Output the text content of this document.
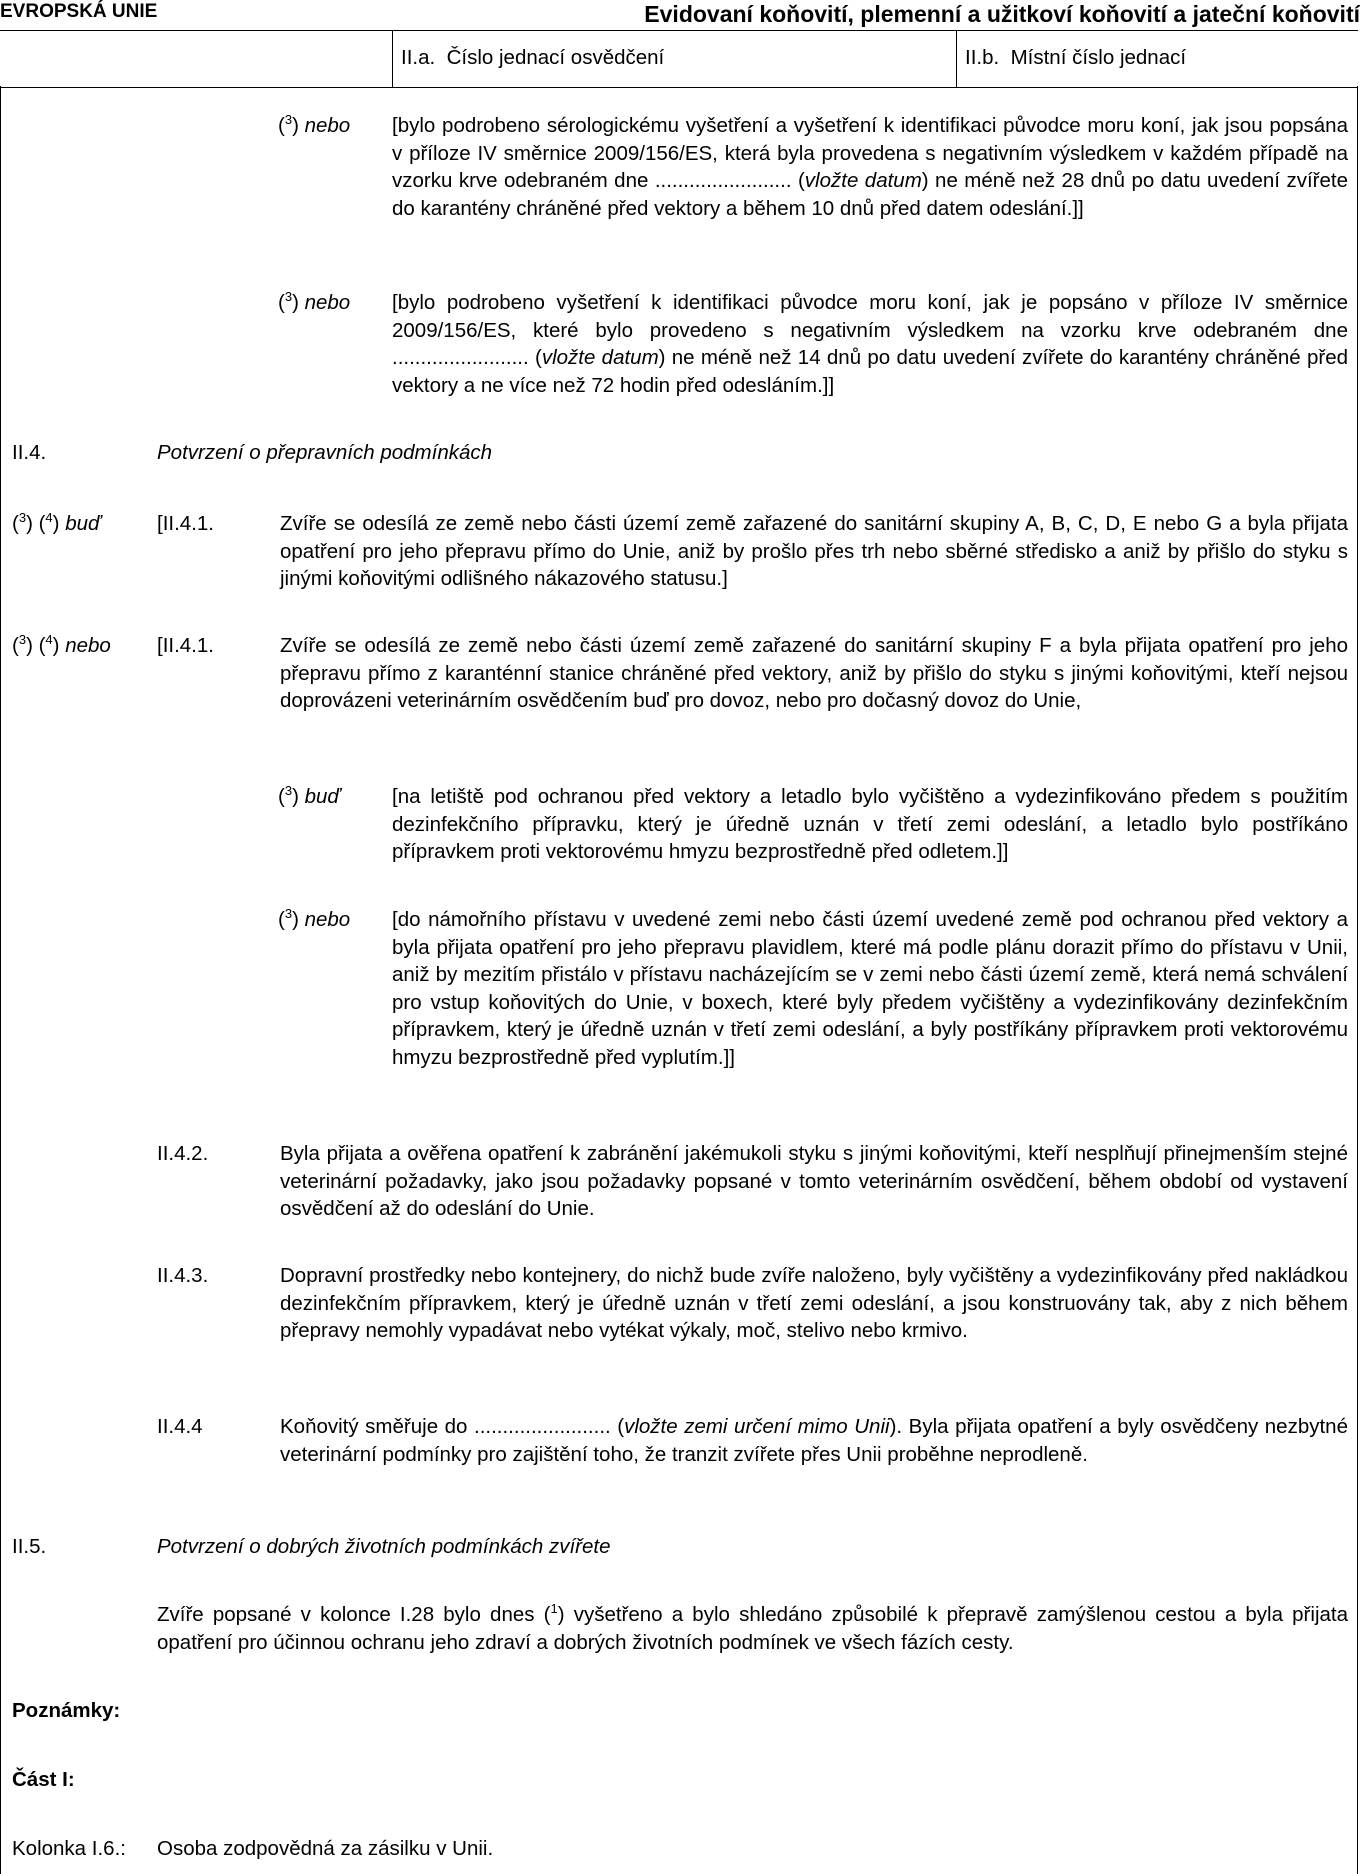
EVROPSKÁ UNIE	Evidovaní koňovití, plemenní a užitkoví koňovití a jateční koňovití
II.a. Číslo jednací osvědčení	II.b. Místní číslo jednací
($^3$) nebo [bylo podrobeno sérologickému vyšetření a vyšetření k identifikaci původce moru koní, jak jsou popsána v příloze IV směrnice 2009/156/ES, která byla provedena s negativním výsledkem v každém případě na vzorku krve odebraném dne ........................ (vložte datum) ne méně než 28 dnů po datu uvedení zvířete do karantény chráněné před vektory a během 10 dnů před datem odeslání.]]
($^3$) nebo [bylo podrobeno vyšetření k identifikaci původce moru koní, jak je popsáno v příloze IV směrnice 2009/156/ES, které bylo provedeno s negativním výsledkem na vzorku krve odebraném dne ........................ (vložte datum) ne méně než 14 dnů po datu uvedení zvířete do karantény chráněné před vektory a ne více než 72 hodin před odesláním.]]
II.4.	Potvrzení o přepravních podmínkách
($^3$) ($^4$) buď	[II.4.1.	Zvíře se odesílá ze země nebo části území země zařazené do sanitární skupiny A, B, C, D, E nebo G a byla přijata opatření pro jeho přepravu přímo do Unie, aniž by prošlo přes trh nebo sběrné středisko a aniž by přišlo do styku s jinými koňovitými odlišného nákazového statusu.]
($^3$) ($^4$) nebo [II.4.1.	Zvíře se odesílá ze země nebo části území země zařazené do sanitární skupiny F a byla přijata opatření pro jeho přepravu přímo z karanténní stanice chráněné před vektory, aniž by přišlo do styku s jinými koňovitými, kteří nejsou doprovázeni veterinárním osvědčením buď pro dovoz, nebo pro dočasný dovoz do Unie,
($^3$) buď	[na letiště pod ochranou před vektory a letadlo bylo vyčištěno a vydezinfikováno předem s použitím dezinfekčního přípravku, který je úředně uznán v třetí zemi odeslání, a letadlo bylo postříkáno přípravkem proti vektorovému hmyzu bezprostředně před odletem.]]
($^3$) nebo [do námořního přístavu v uvedené zemi nebo části území uvedené země pod ochranou před vektory a byla přijata opatření pro jeho přepravu plavidlem, které má podle plánu dorazit přímo do přístavu v Unii, aniž by mezitím přistálo v přístavu nacházejícím se v zemi nebo části území země, která nemá schválení pro vstup koňovitých do Unie, v boxech, které byly předem vyčištěny a vydezinfikovány dezinfekčním přípravkem, který je úředně uznán v třetí zemi odeslání, a byly postříkány přípravkem proti vektorovému hmyzu bezprostředně před vyplutím.]]
II.4.2.	Byla přijata a ověřena opatření k zabránění jakémukoli styku s jinými koňovitými, kteří nesplňují přinejmenším stejné veterinární požadavky, jako jsou požadavky popsané v tomto veterinárním osvědčení, během období od vystavení osvědčení až do odeslání do Unie.
II.4.3.	Dopravní prostředky nebo kontejnery, do nichž bude zvíře naloženo, byly vyčištěny a vydezinfikovány před nakládkou dezinfekčním přípravkem, který je úředně uznán v třetí zemi odeslání, a jsou konstruovány tak, aby z nich během přepravy nemohly vypadávat nebo vytékat výkaly, moč, stelivo nebo krmivo.
II.4.4	Koňovitý směřuje do ........................ (vložte zemi určení mimo Unii). Byla přijata opatření a byly osvědčeny nezbytné veterinární podmínky pro zajištění toho, že tranzit zvířete přes Unii proběhne neprodleně.
II.5.	Potvrzení o dobrých životních podmínkách zvířete
Zvíře popsané v kolonce I.28 bylo dnes ($^1$) vyšetřeno a bylo shledáno způsobilé k přepravě zamýšlenou cestou a byla přijata opatření pro účinnou ochranu jeho zdraví a dobrých životních podmínek ve všech fázích cesty.
Poznámky:
Část I:
Kolonka I.6.: Osoba zodpovědná za zásilku v Unii.
